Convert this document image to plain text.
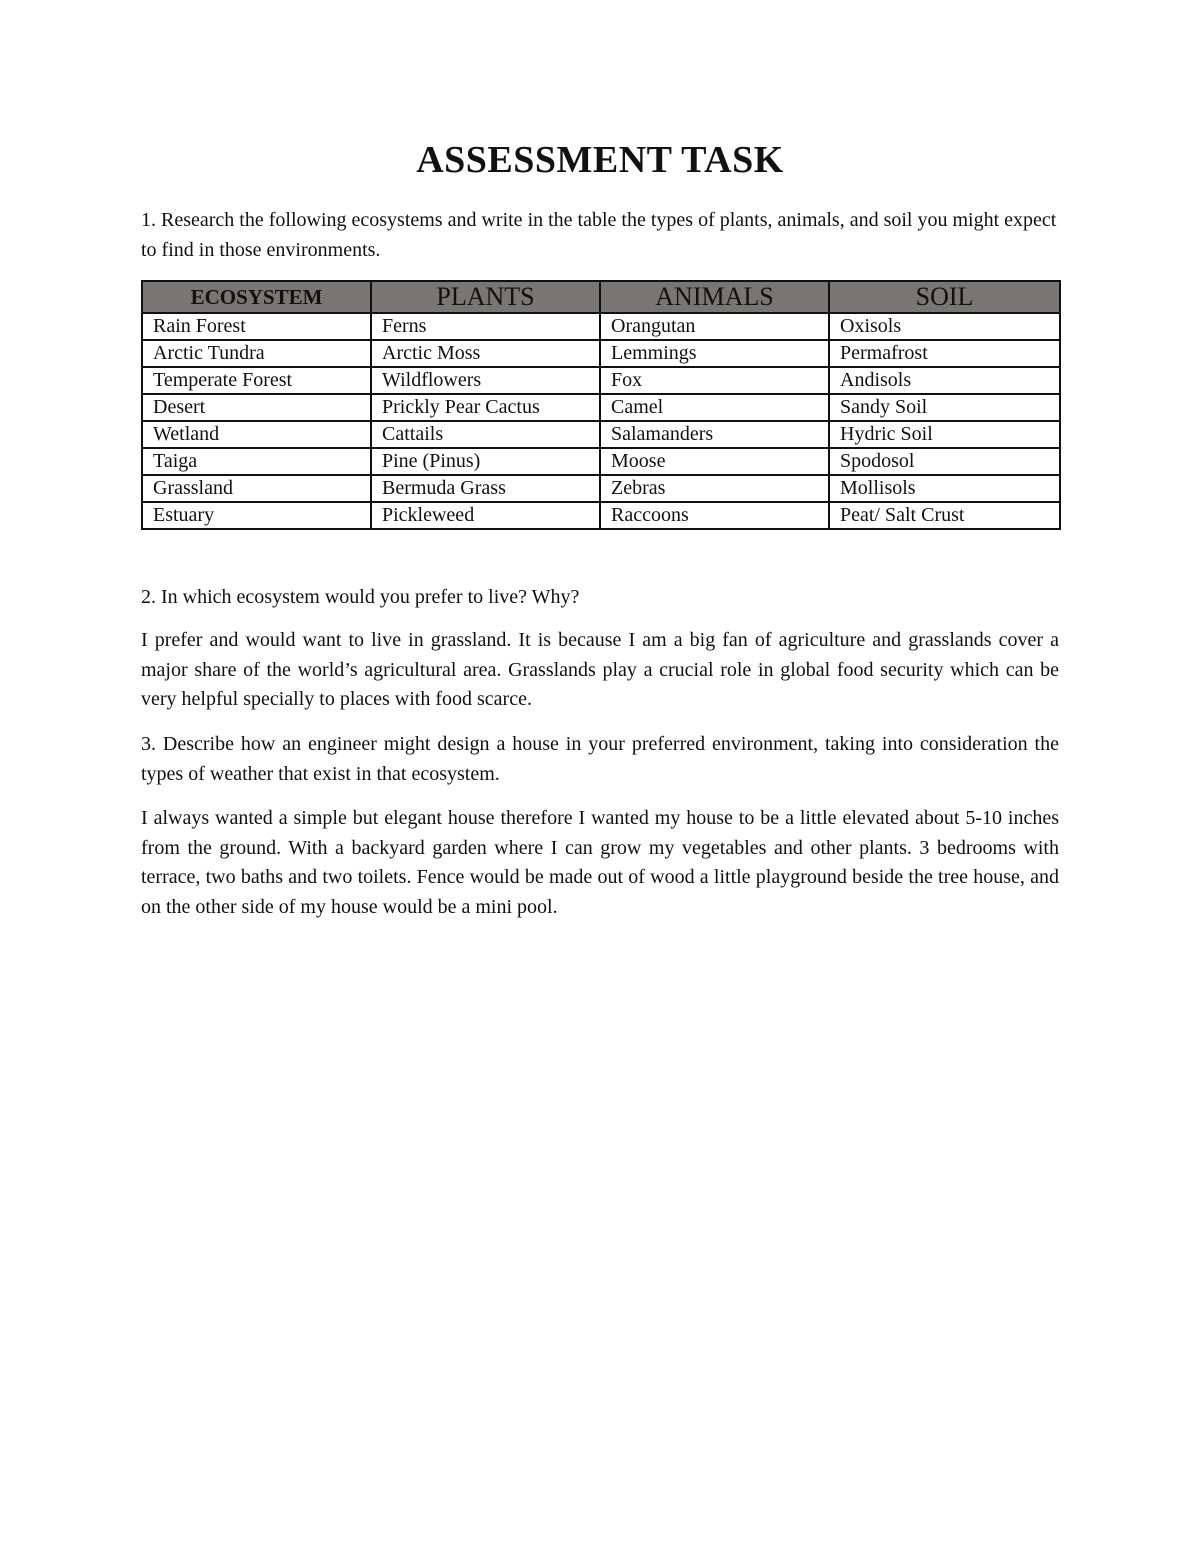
ASSESSMENT TASK

1. Research the following ecosystems and write in the table the types of plants, animals, and soil you might expect to find in those environments.

ECOSYSTEM	PLANTS	ANIMALS	SOIL
Rain Forest	Ferns	Orangutan	Oxisols
Arctic Tundra	Arctic Moss	Lemmings	Permafrost
Temperate Forest	Wildflowers	Fox	Andisols
Desert	Prickly Pear Cactus	Camel	Sandy Soil
Wetland	Cattails	Salamanders	Hydric Soil
Taiga	Pine (Pinus)	Moose	Spodosol
Grassland	Bermuda Grass	Zebras	Mollisols
Estuary	Pickleweed	Raccoons	Peat/ Salt Crust

2. In which ecosystem would you prefer to live? Why?

I prefer and would want to live in grassland. It is because I am a big fan of agriculture and grasslands cover a major share of the world’s agricultural area. Grasslands play a crucial role in global food security which can be very helpful specially to places with food scarce.

3. Describe how an engineer might design a house in your preferred environment, taking into consideration the types of weather that exist in that ecosystem.

I always wanted a simple but elegant house therefore I wanted my house to be a little elevated about 5-10 inches from the ground. With a backyard garden where I can grow my vegetables and other plants. 3 bedrooms with terrace, two baths and two toilets. Fence would be made out of wood a little playground beside the tree house, and on the other side of my house would be a mini pool.
